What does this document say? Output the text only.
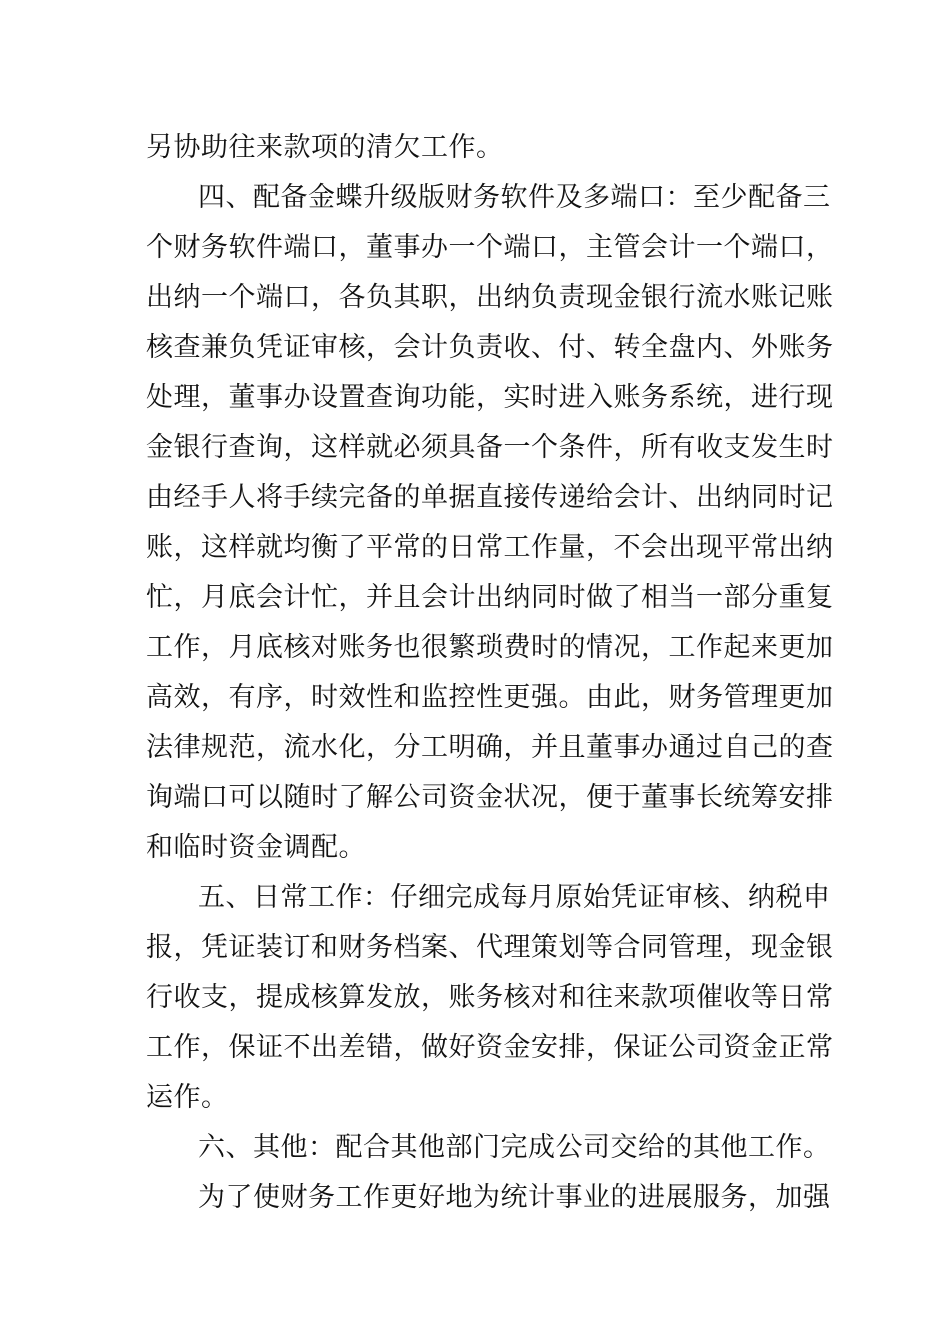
另协助往来款项的清欠工作。
四、配备金蝶升级版财务软件及多端口：至少配备三
个财务软件端口，董事办一个端口，主管会计一个端口，
出纳一个端口，各负其职，出纳负责现金银行流水账记账
核查兼负凭证审核，会计负责收、付、转全盘内、外账务
处理，董事办设置查询功能，实时进入账务系统，进行现
金银行查询，这样就必须具备一个条件，所有收支发生时
由经手人将手续完备的单据直接传递给会计、出纳同时记
账，这样就均衡了平常的日常工作量，不会出现平常出纳
忙，月底会计忙，并且会计出纳同时做了相当一部分重复
工作，月底核对账务也很繁琐费时的情况，工作起来更加
高效，有序，时效性和监控性更强。由此，财务管理更加
法律规范，流水化，分工明确，并且董事办通过自己的查
询端口可以随时了解公司资金状况，便于董事长统筹安排
和临时资金调配。
五、日常工作：仔细完成每月原始凭证审核、纳税申
报，凭证装订和财务档案、代理策划等合同管理，现金银
行收支，提成核算发放，账务核对和往来款项催收等日常
工作，保证不出差错，做好资金安排，保证公司资金正常
运作。
六、其他：配合其他部门完成公司交给的其他工作。
为了使财务工作更好地为统计事业的进展服务，加强
